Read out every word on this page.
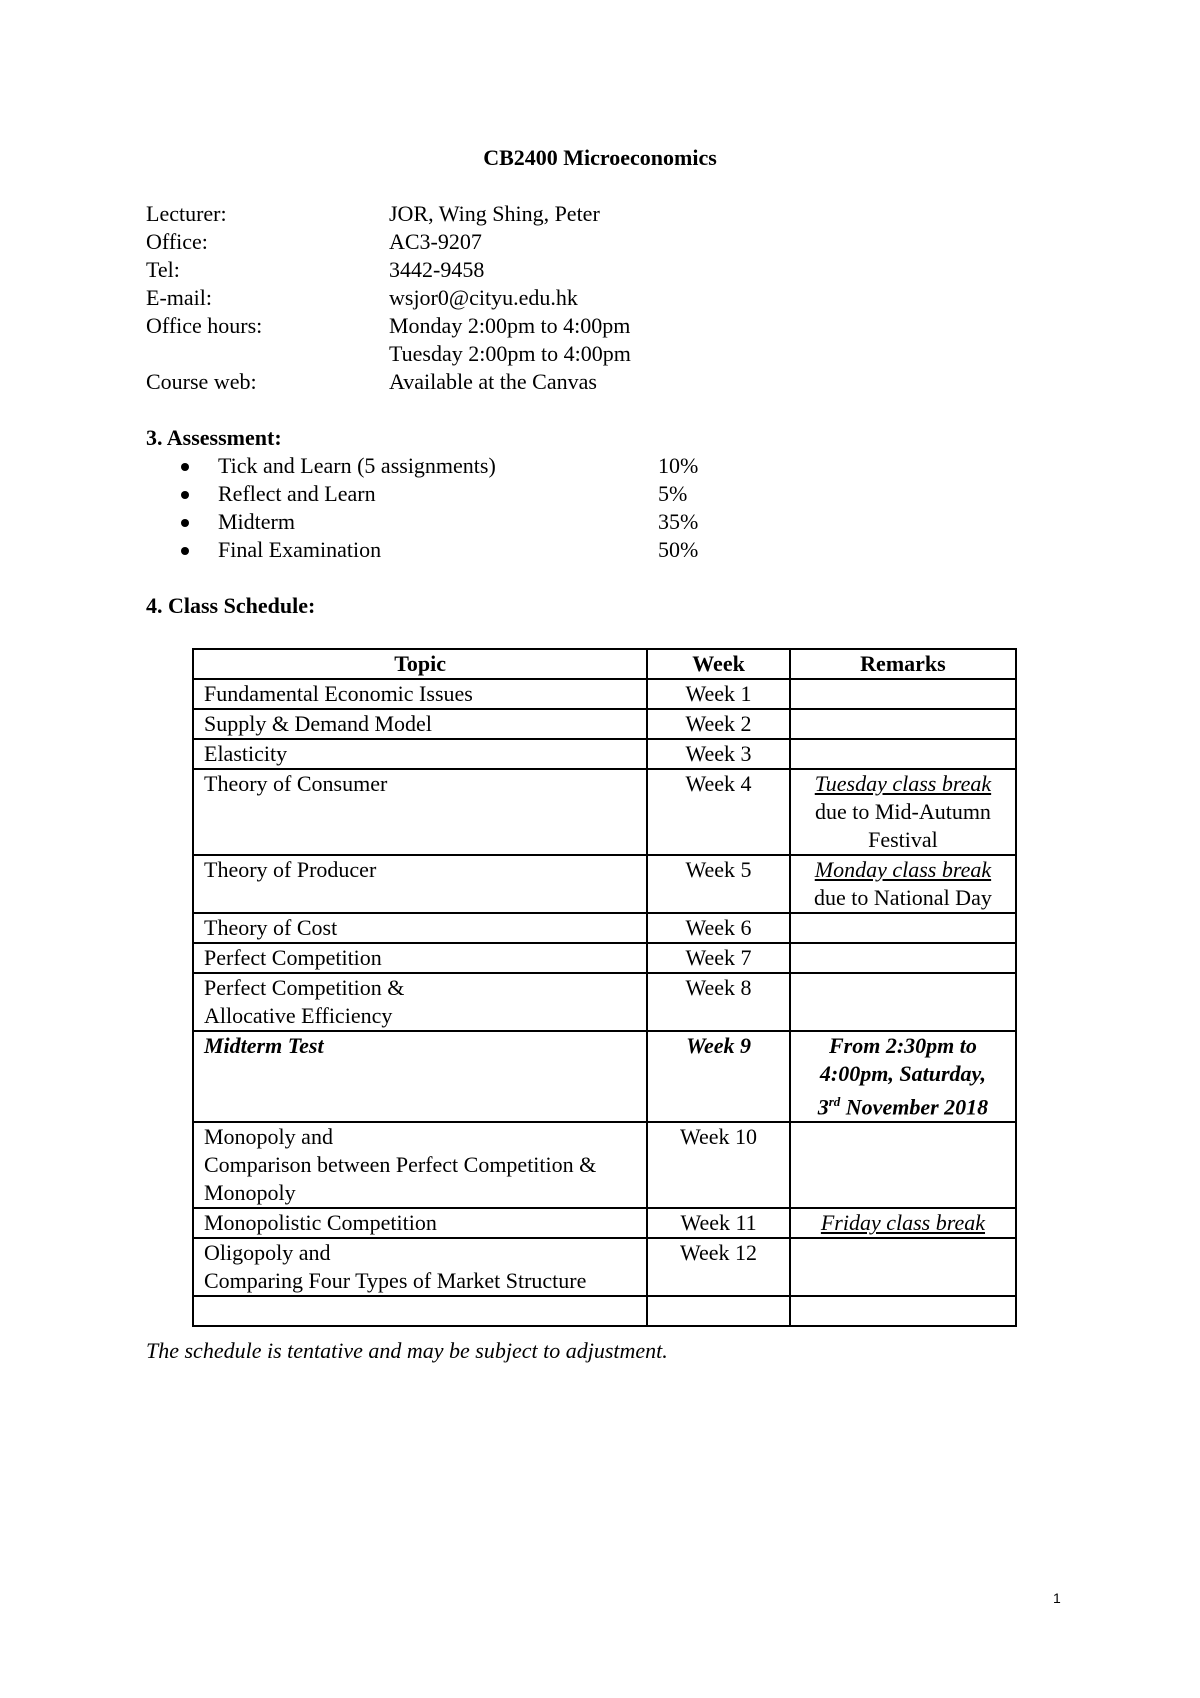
CB2400 Microeconomics
Lecturer:	JOR, Wing Shing, Peter
Office:	AC3-9207
Tel:	3442-9458
E-mail:	wsjor0@cityu.edu.hk
Office hours:	Monday 2:00pm to 4:00pm
Tuesday 2:00pm to 4:00pm
Course web:	Available at the Canvas
3. Assessment:
Tick and Learn (5 assignments)	10%
Reflect and Learn	5%
Midterm	35%
Final Examination	50%
4. Class Schedule:
Topic	Week	Remarks
Fundamental Economic Issues	Week 1	
Supply & Demand Model	Week 2	
Elasticity	Week 3	
Theory of Consumer	Week 4	Tuesday class break
due to Mid-Autumn Festival
Theory of Producer	Week 5	Monday class break
due to National Day
Theory of Cost	Week 6	
Perfect Competition	Week 7	
Perfect Competition & Allocative Efficiency	Week 8	
Midterm Test	Week 9	From 2:30pm to 4:00pm, Saturday,
3rd November 2018
Monopoly and
Comparison between Perfect Competition & Monopoly	Week 10	
Monopolistic Competition	Week 11	Friday class break
Oligopoly and
Comparing Four Types of Market Structure	Week 12	

The schedule is tentative and may be subject to adjustment.
1
